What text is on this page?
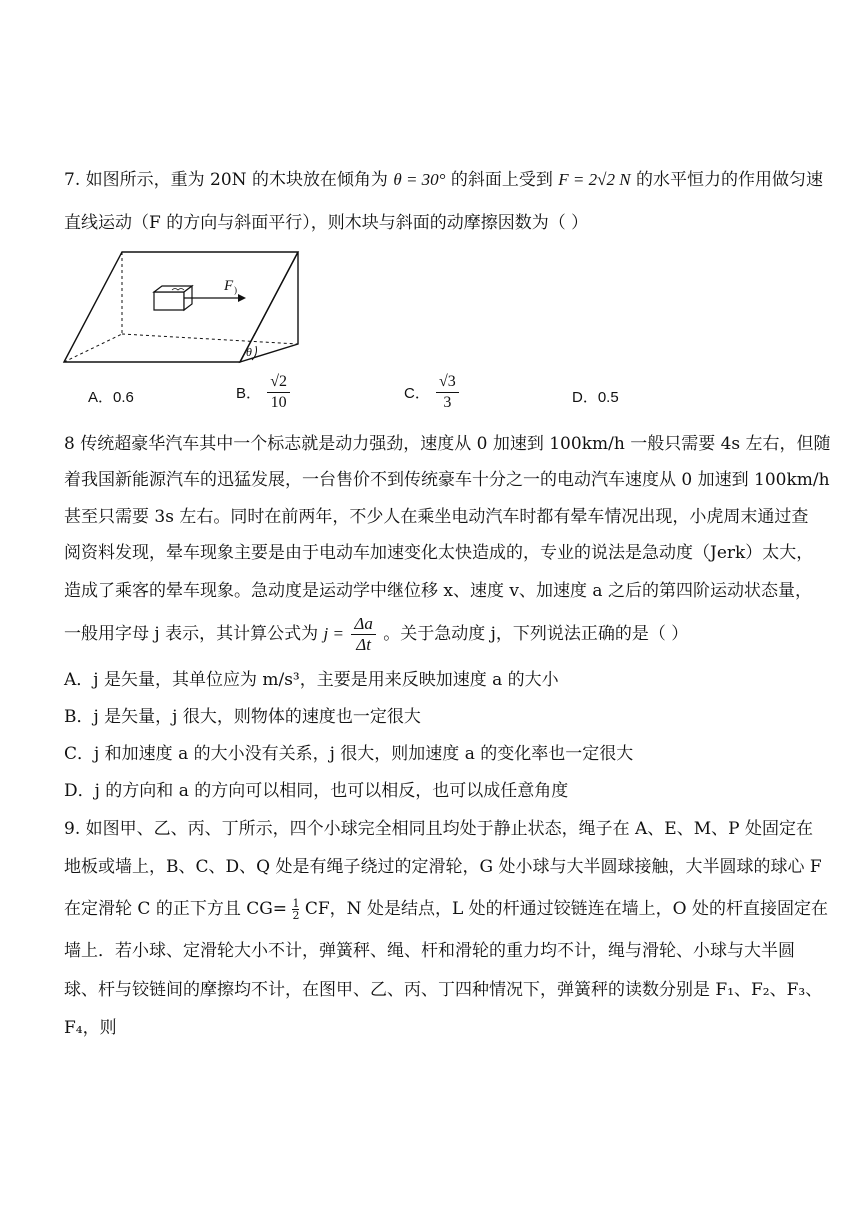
7. 如图所示，重为 20N 的木块放在倾角为 θ = 30° 的斜面上受到 F = 2√2 N 的水平恒力的作用做匀速
直线运动（F 的方向与斜面平行），则木块与斜面的动摩擦因数为（ ）
F )
θ
A．0.6	B． $\frac{√2}{10}$	C． $\frac{√3}{3}$	D．0.5
8 传统超豪华汽车其中一个标志就是动力强劲，速度从 0 加速到 100km/h 一般只需要 4s 左右，但随
着我国新能源汽车的迅猛发展，一台售价不到传统豪车十分之一的电动汽车速度从 0 加速到 100km/h
甚至只需要 3s 左右。同时在前两年，不少人在乘坐电动汽车时都有晕车情况出现，小虎周末通过查
阅资料发现，晕车现象主要是由于电动车加速变化太快造成的，专业的说法是急动度（Jerk）太大，
造成了乘客的晕车现象。急动度是运动学中继位移 x、速度 v、加速度 a 之后的第四阶运动状态量，
一般用字母 j 表示，其计算公式为 $j = \frac{\Delta a}{\Delta t}$ 。关于急动度 j，下列说法正确的是（ ）
A．j 是矢量，其单位应为 m/s³，主要是用来反映加速度 a 的大小
B．j 是矢量，j 很大，则物体的速度也一定很大
C．j 和加速度 a 的大小没有关系，j 很大，则加速度 a 的变化率也一定很大
D．j 的方向和 a 的方向可以相同，也可以相反，也可以成任意角度
9. 如图甲、乙、丙、丁所示，四个小球完全相同且均处于静止状态，绳子在 A、E、M、P 处固定在
地板或墙上，B、C、D、Q 处是有绳子绕过的定滑轮，G 处小球与大半圆球接触，大半圆球的球心 F
在定滑轮 C 的正下方且 $CG= \frac{1}{2}$ CF，N 处是结点，L 处的杆通过铰链连在墙上，O 处的杆直接固定在
墙上．若小球、定滑轮大小不计，弹簧秤、绳、杆和滑轮的重力均不计，绳与滑轮、小球与大半圆
球、杆与铰链间的摩擦均不计，在图甲、乙、丙、丁四种情况下，弹簧秤的读数分别是 F₁、F₂、F₃、
F₄，则
